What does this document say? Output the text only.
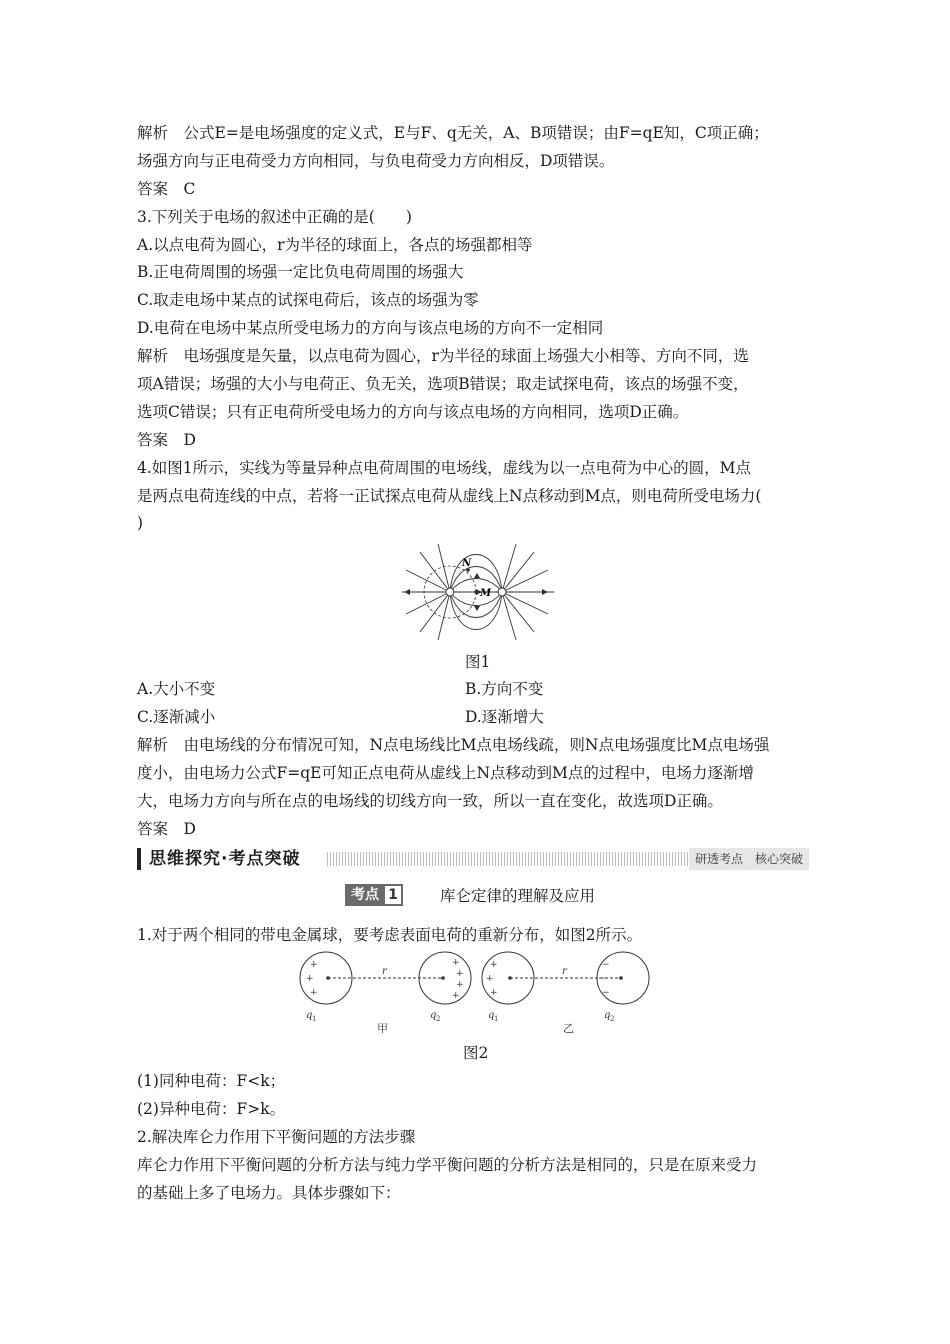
解析　公式E=是电场强度的定义式，E与F、q无关，A、B项错误；由F=qE知，C项正确；
场强方向与正电荷受力方向相同，与负电荷受力方向相反，D项错误。
答案　C
3.下列关于电场的叙述中正确的是(　　)
A.以点电荷为圆心，r为半径的球面上，各点的场强都相等
B.正电荷周围的场强一定比负电荷周围的场强大
C.取走电场中某点的试探电荷后，该点的场强为零
D.电荷在电场中某点所受电场力的方向与该点电场的方向不一定相同
解析　电场强度是矢量，以点电荷为圆心，r为半径的球面上场强大小相等、方向不同，选
项A错误；场强的大小与电荷正、负无关，选项B错误；取走试探电荷，该点的场强不变，
选项C错误；只有正电荷所受电场力的方向与该点电场的方向相同，选项D正确。
答案　D
4.如图1所示，实线为等量异种点电荷周围的电场线，虚线为以一点电荷为中心的圆，M点
是两点电荷连线的中点，若将一正试探点电荷从虚线上N点移动到M点，则电荷所受电场力(
)
N
M
图1
A.大小不变	B.方向不变
C.逐渐减小	D.逐渐增大
解析　由电场线的分布情况可知，N点电场线比M点电场线疏，则N点电场强度比M点电场强
度小，由电场力公式F=qE可知正点电荷从虚线上N点移动到M点的过程中，电场力逐渐增
大，电场力方向与所在点的电场线的切线方向一致，所以一直在变化，故选项D正确。
答案　D
思维探究·考点突破	研透考点　核心突破
考点 1	库仑定律的理解及应用
1.对于两个相同的带电金属球，要考虑表面电荷的重新分布，如图2所示。
+
+
+
+
+
+
+
+
+
+
−
−
−
r	r
q	q	q	q
1	2	1	2
甲	乙
图2
(1)同种电荷：F<k；
(2)异种电荷：F>k。
2.解决库仑力作用下平衡问题的方法步骤
库仑力作用下平衡问题的分析方法与纯力学平衡问题的分析方法是相同的，只是在原来受力
的基础上多了电场力。具体步骤如下：
